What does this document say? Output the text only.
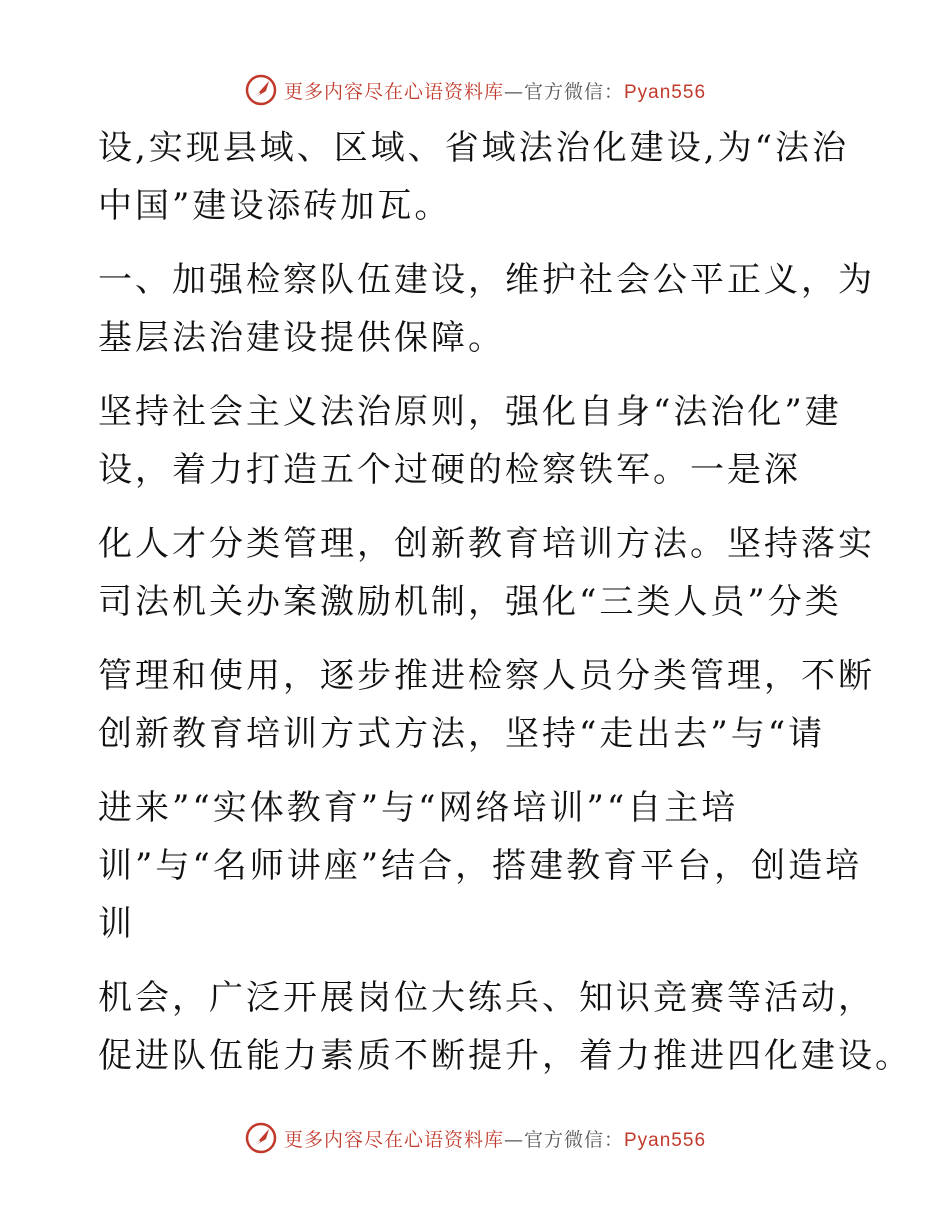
更多内容尽在心语资料库—官方微信：Pyan556
设,实现县域、区域、省域法治化建设,为“法治
中国”建设添砖加瓦。
一、加强检察队伍建设，维护社会公平正义，为
基层法治建设提供保障。
坚持社会主义法治原则，强化自身“法治化”建
设，着力打造五个过硬的检察铁军。一是深
化人才分类管理，创新教育培训方法。坚持落实
司法机关办案激励机制，强化“三类人员”分类
管理和使用，逐步推进检察人员分类管理，不断
创新教育培训方式方法，坚持“走出去”与“请
进来”“实体教育”与“网络培训”“自主培
训”与“名师讲座”结合，搭建教育平台，创造培
训
机会，广泛开展岗位大练兵、知识竞赛等活动，
促进队伍能力素质不断提升，着力推进四化建设。
更多内容尽在心语资料库—官方微信：Pyan556
